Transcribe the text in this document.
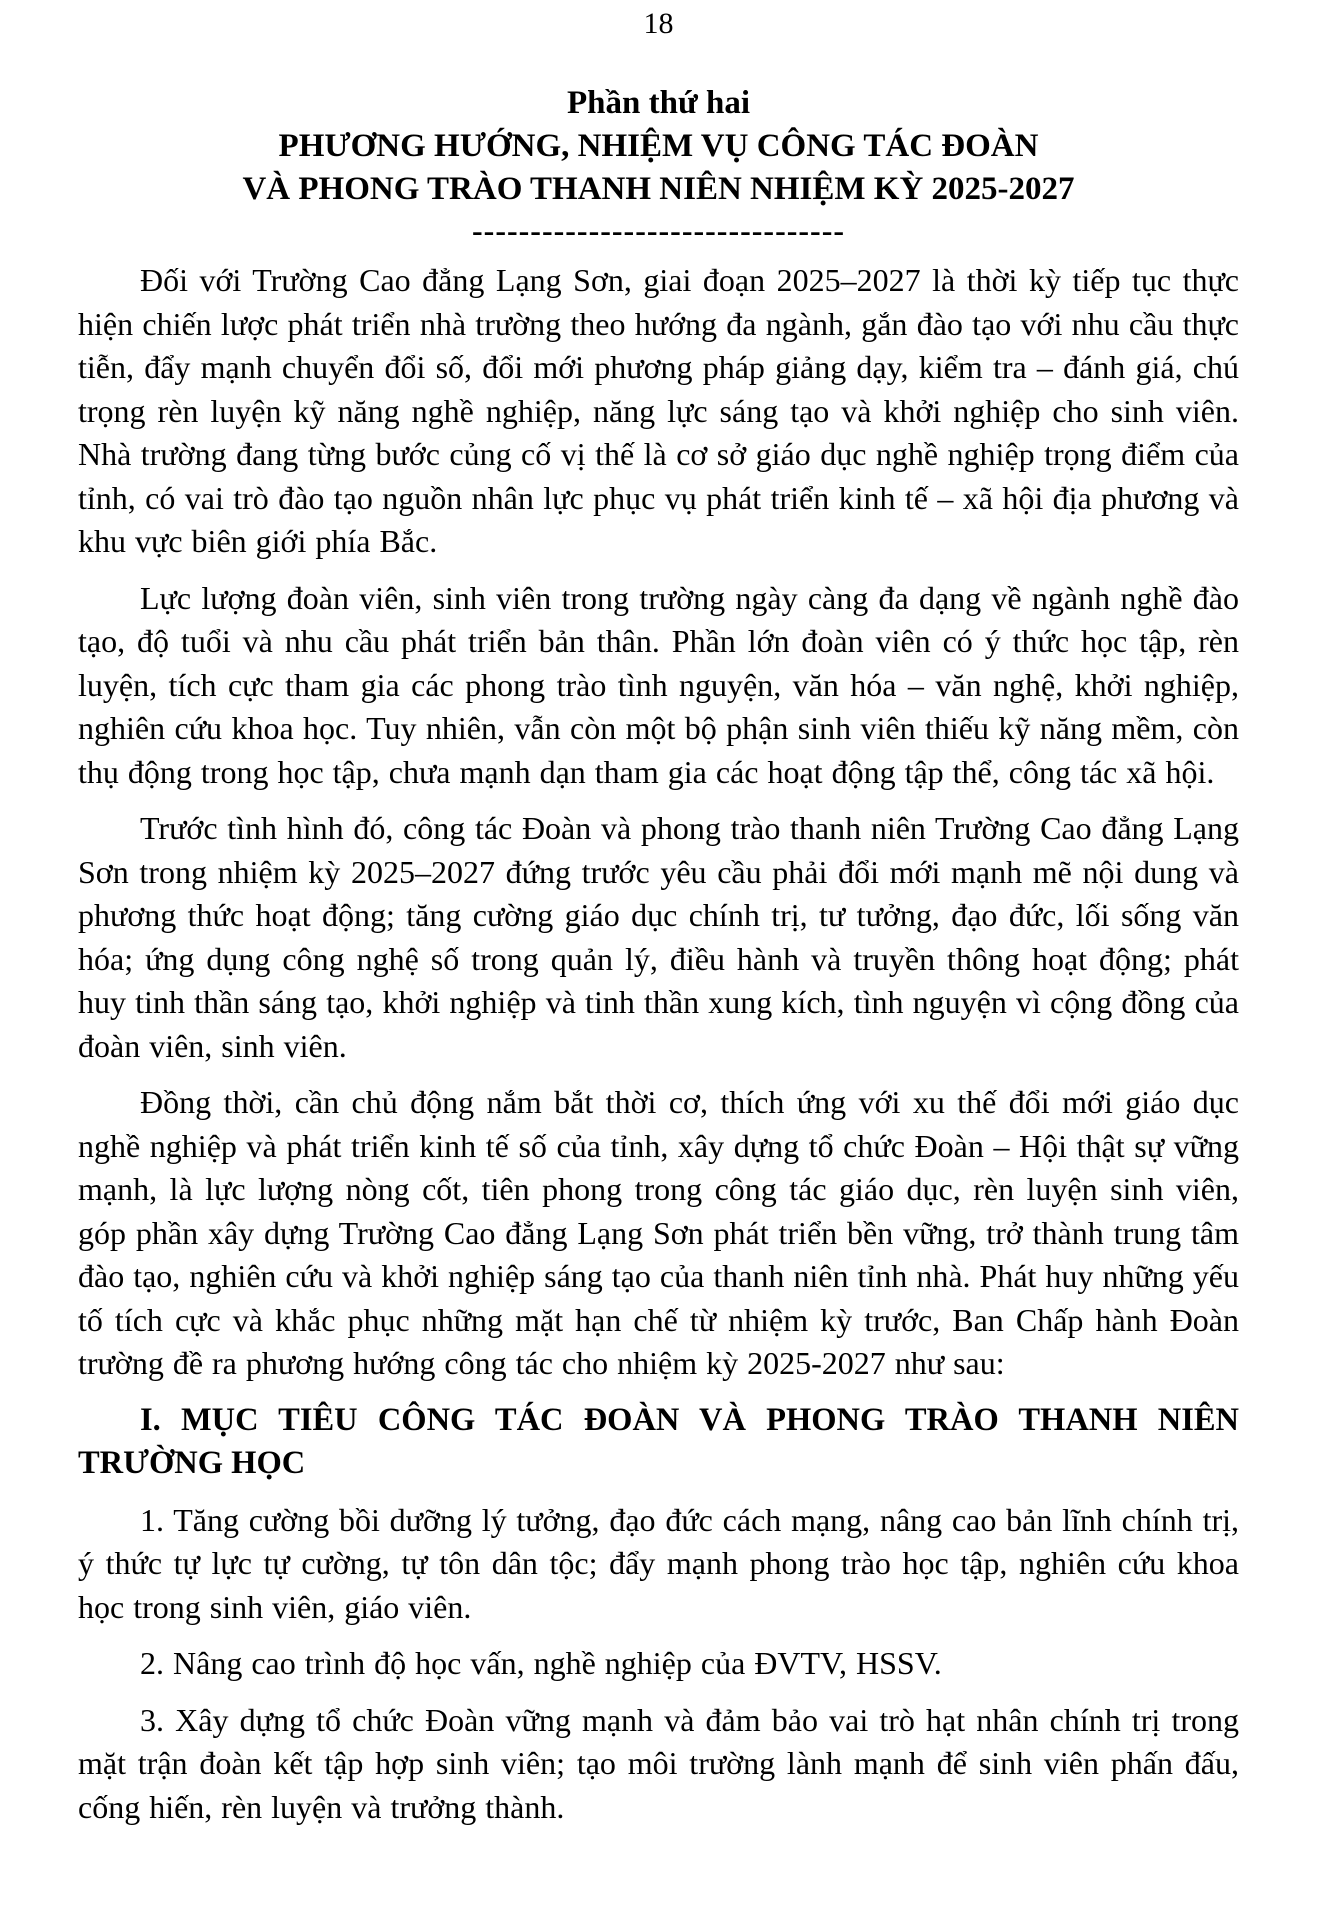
18
Phần thứ hai
PHƯƠNG HƯỚNG, NHIỆM VỤ CÔNG TÁC ĐOÀN
VÀ PHONG TRÀO THANH NIÊN NHIỆM KỲ 2025-2027
--------------------------------

Đối với Trường Cao đẳng Lạng Sơn, giai đoạn 2025–2027 là thời kỳ tiếp tục thực hiện chiến lược phát triển nhà trường theo hướng đa ngành, gắn đào tạo với nhu cầu thực tiễn, đẩy mạnh chuyển đổi số, đổi mới phương pháp giảng dạy, kiểm tra – đánh giá, chú trọng rèn luyện kỹ năng nghề nghiệp, năng lực sáng tạo và khởi nghiệp cho sinh viên. Nhà trường đang từng bước củng cố vị thế là cơ sở giáo dục nghề nghiệp trọng điểm của tỉnh, có vai trò đào tạo nguồn nhân lực phục vụ phát triển kinh tế – xã hội địa phương và khu vực biên giới phía Bắc.

Lực lượng đoàn viên, sinh viên trong trường ngày càng đa dạng về ngành nghề đào tạo, độ tuổi và nhu cầu phát triển bản thân. Phần lớn đoàn viên có ý thức học tập, rèn luyện, tích cực tham gia các phong trào tình nguyện, văn hóa – văn nghệ, khởi nghiệp, nghiên cứu khoa học. Tuy nhiên, vẫn còn một bộ phận sinh viên thiếu kỹ năng mềm, còn thụ động trong học tập, chưa mạnh dạn tham gia các hoạt động tập thể, công tác xã hội.

Trước tình hình đó, công tác Đoàn và phong trào thanh niên Trường Cao đẳng Lạng Sơn trong nhiệm kỳ 2025–2027 đứng trước yêu cầu phải đổi mới mạnh mẽ nội dung và phương thức hoạt động; tăng cường giáo dục chính trị, tư tưởng, đạo đức, lối sống văn hóa; ứng dụng công nghệ số trong quản lý, điều hành và truyền thông hoạt động; phát huy tinh thần sáng tạo, khởi nghiệp và tinh thần xung kích, tình nguyện vì cộng đồng của đoàn viên, sinh viên.

Đồng thời, cần chủ động nắm bắt thời cơ, thích ứng với xu thế đổi mới giáo dục nghề nghiệp và phát triển kinh tế số của tỉnh, xây dựng tổ chức Đoàn – Hội thật sự vững mạnh, là lực lượng nòng cốt, tiên phong trong công tác giáo dục, rèn luyện sinh viên, góp phần xây dựng Trường Cao đẳng Lạng Sơn phát triển bền vững, trở thành trung tâm đào tạo, nghiên cứu và khởi nghiệp sáng tạo của thanh niên tỉnh nhà. Phát huy những yếu tố tích cực và khắc phục những mặt hạn chế từ nhiệm kỳ trước, Ban Chấp hành Đoàn trường đề ra phương hướng công tác cho nhiệm kỳ 2025-2027 như sau:

I. MỤC TIÊU CÔNG TÁC ĐOÀN VÀ PHONG TRÀO THANH NIÊN TRƯỜNG HỌC

1. Tăng cường bồi dưỡng lý tưởng, đạo đức cách mạng, nâng cao bản lĩnh chính trị, ý thức tự lực tự cường, tự tôn dân tộc; đẩy mạnh phong trào học tập, nghiên cứu khoa học trong sinh viên, giáo viên.

2. Nâng cao trình độ học vấn, nghề nghiệp của ĐVTV, HSSV.

3. Xây dựng tổ chức Đoàn vững mạnh và đảm bảo vai trò hạt nhân chính trị trong mặt trận đoàn kết tập hợp sinh viên; tạo môi trường lành mạnh để sinh viên phấn đấu, cống hiến, rèn luyện và trưởng thành.
